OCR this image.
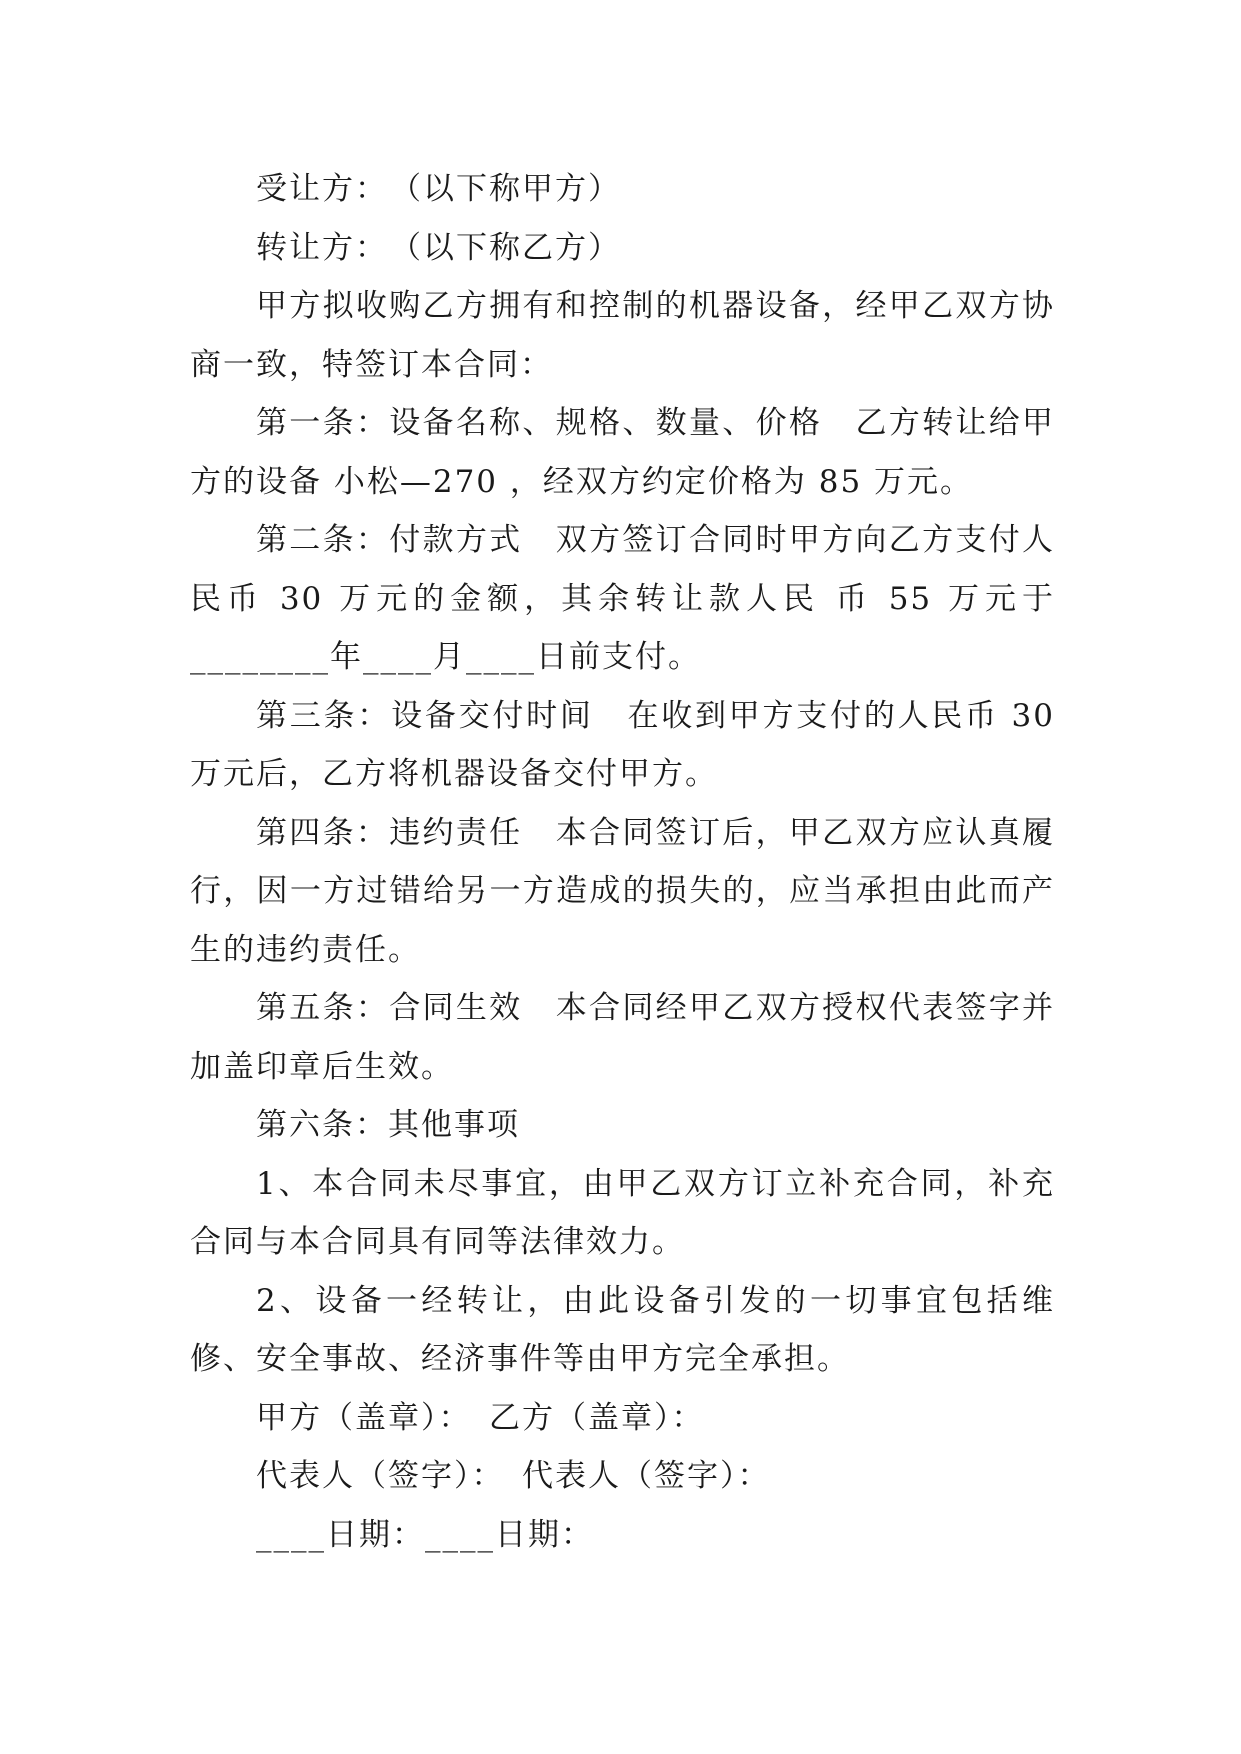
受让方：　（以下称甲方）

转让方：　（以下称乙方）

甲方拟收购乙方拥有和控制的机器设备，经甲乙双方协商一致，特签订本合同：

第一条：设备名称、规格、数量、价格　乙方转让给甲方的设备 小松—270 ，经双方约定价格为 85 万元。

第二条：付款方式　双方签订合同时甲方向乙方支付人民币 30 万元的金额，其余转让款人民 币 55 万元于________年____月____日前支付。

第三条：设备交付时间　在收到甲方支付的人民币 30 万元后，乙方将机器设备交付甲方。

第四条：违约责任　本合同签订后，甲乙双方应认真履行，因一方过错给另一方造成的损失的，应当承担由此而产生的违约责任。

第五条：合同生效　本合同经甲乙双方授权代表签字并加盖印章后生效。

第六条：其他事项

1、本合同未尽事宜，由甲乙双方订立补充合同，补充合同与本合同具有同等法律效力。

2、设备一经转让，由此设备引发的一切事宜包括维修、安全事故、经济事件等由甲方完全承担。

甲方（盖章）：　乙方（盖章）：

代表人（签字）：　代表人（签字）：

____日期：____日期：
